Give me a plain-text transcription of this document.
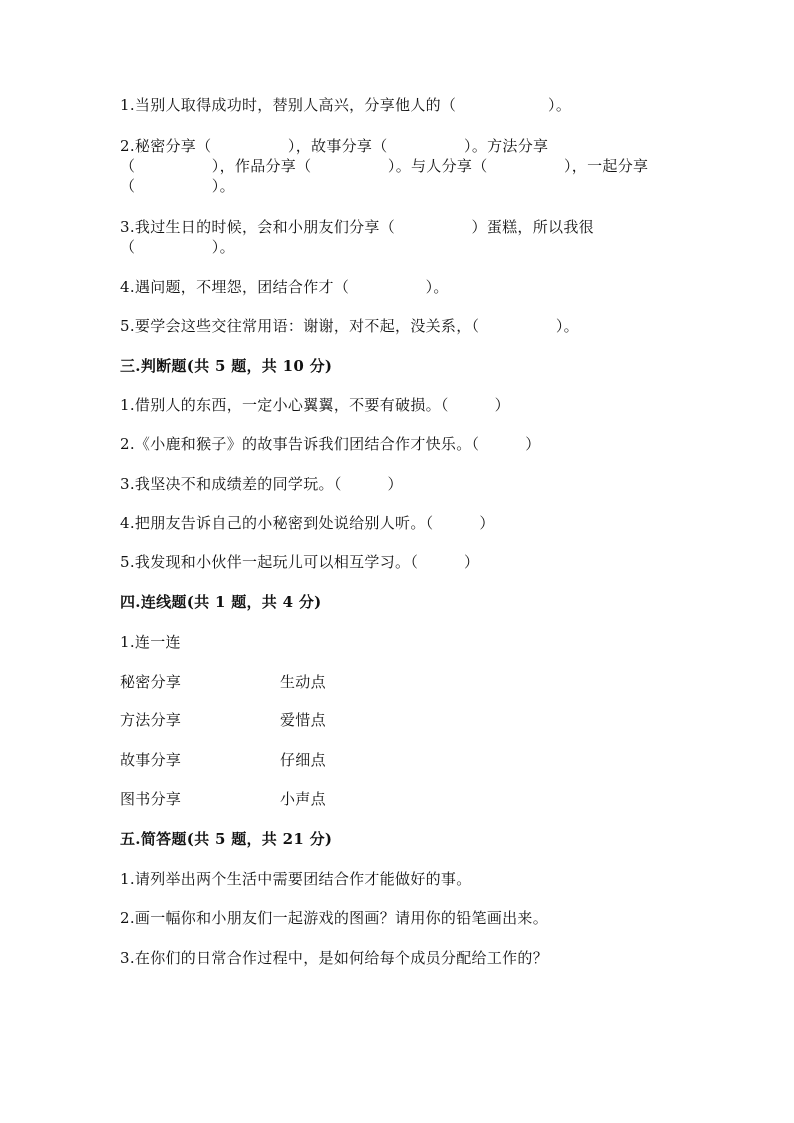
1.当别人取得成功时，替别人高兴，分享他人的（　　　　　　）。
2.秘密分享（　　　　　），故事分享（　　　　　）。方法分享
（　　　　　），作品分享（　　　　　）。与人分享（　　　　　），一起分享
（　　　　　）。
3.我过生日的时候，会和小朋友们分享（　　　　　）蛋糕，所以我很
（　　　　　）。
4.遇问题，不埋怨，团结合作才（　　　　　）。
5.要学会这些交往常用语：谢谢，对不起，没关系，（　　　　　）。
三.判断题(共 5 题，共 10 分)
1.借别人的东西，一定小心翼翼，不要有破损。（　　　）
2.《小鹿和猴子》的故事告诉我们团结合作才快乐。（　　　）
3.我坚决不和成绩差的同学玩。（　　　）
4.把朋友告诉自己的小秘密到处说给别人听。（　　　）
5.我发现和小伙伴一起玩儿可以相互学习。（　　　）
四.连线题(共 1 题，共 4 分)
1.连一连
秘密分享	生动点
方法分享	爱惜点
故事分享	仔细点
图书分享	小声点
五.简答题(共 5 题，共 21 分)
1.请列举出两个生活中需要团结合作才能做好的事。
2.画一幅你和小朋友们一起游戏的图画？请用你的铅笔画出来。
3.在你们的日常合作过程中，是如何给每个成员分配给工作的？
